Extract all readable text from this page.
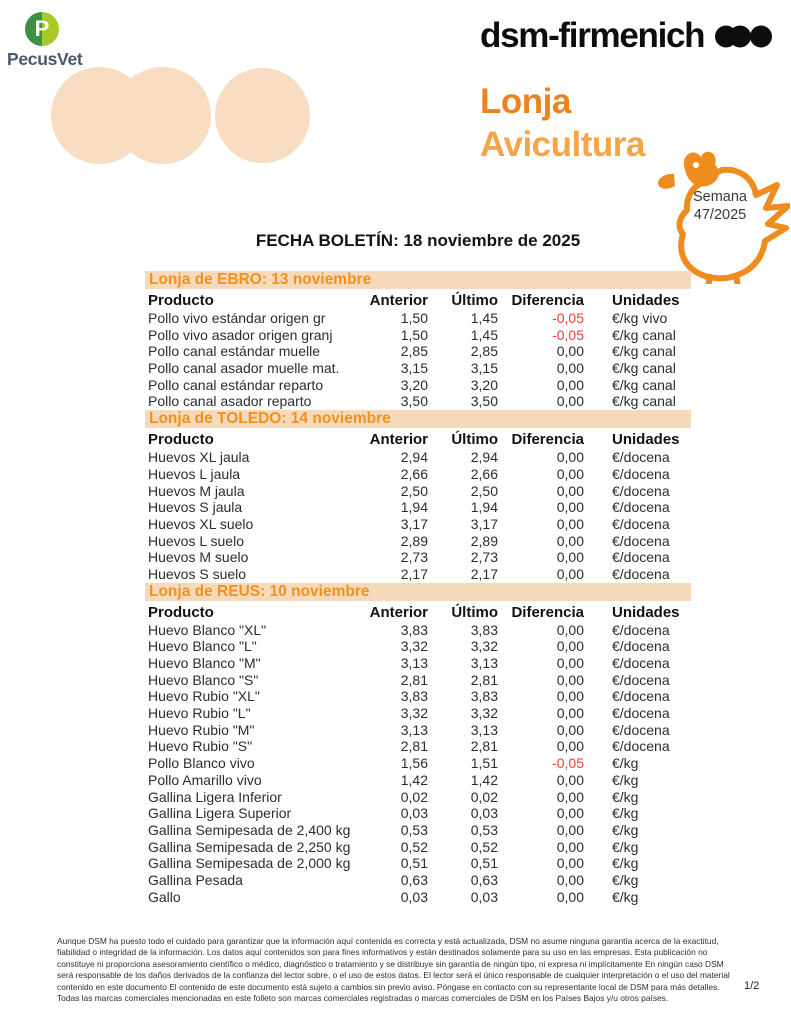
P
PecusVet
dsm-firmenich
Lonja
Avicultura
Semana
47/2025
FECHA BOLETÍN: 18 noviembre de 2025
Lonja de EBRO: 13 noviembre
Producto	Anterior	Último Diferencia Unidades
Pollo vivo estándar origen gr	1,50	1,45	-0,05 €/kg vivo
Pollo vivo asador origen granj	1,50	1,45	-0,05 €/kg canal
Pollo canal estándar muelle	2,85	2,85	0,00 €/kg canal
Pollo canal asador muelle mat.	3,15	3,15	0,00 €/kg canal
Pollo canal estándar reparto	3,20	3,20	0,00 €/kg canal
Pollo canal asador reparto	3,50	3,50	0,00 €/kg canal
Lonja de TOLEDO: 14 noviembre
Producto	Anterior	Último Diferencia Unidades
Huevos XL jaula	2,94	2,94	0,00 €/docena
Huevos L jaula	2,66	2,66	0,00 €/docena
Huevos M jaula	2,50	2,50	0,00 €/docena
Huevos S jaula	1,94	1,94	0,00 €/docena
Huevos XL suelo	3,17	3,17	0,00 €/docena
Huevos L suelo	2,89	2,89	0,00 €/docena
Huevos M suelo	2,73	2,73	0,00 €/docena
Huevos S suelo	2,17	2,17	0,00 €/docena
Lonja de REUS: 10 noviembre
Producto	Anterior	Último Diferencia Unidades
Huevo Blanco "XL"	3,83	3,83	0,00 €/docena
Huevo Blanco "L"	3,32	3,32	0,00 €/docena
Huevo Blanco "M"	3,13	3,13	0,00 €/docena
Huevo Blanco "S"	2,81	2,81	0,00 €/docena
Huevo Rubio "XL"	3,83	3,83	0,00 €/docena
Huevo Rubio "L"	3,32	3,32	0,00 €/docena
Huevo Rubio "M"	3,13	3,13	0,00 €/docena
Huevo Rubio "S"	2,81	2,81	0,00 €/docena
Pollo Blanco vivo	1,56	1,51	-0,05 €/kg
Pollo Amarillo vivo	1,42	1,42	0,00 €/kg
Gallina Ligera Inferior	0,02	0,02	0,00 €/kg
Gallina Ligera Superior	0,03	0,03	0,00 €/kg
Gallina Semipesada de 2,400 kg	0,53	0,53	0,00 €/kg
Gallina Semipesada de 2,250 kg	0,52	0,52	0,00 €/kg
Gallina Semipesada de 2,000 kg	0,51	0,51	0,00 €/kg
Gallina Pesada	0,63	0,63	0,00 €/kg
Gallo	0,03	0,03	0,00 €/kg
Aunque DSM ha puesto todo el cuidado para garantizar que la información aquí contenida es correcta y está actualizada, DSM no asume ninguna garantía acerca de la exactitud, fiabilidad o integridad de la información. Los datos aquí contenidos son para fines informativos y están destinados solamente para su uso en las empresas. Esta publicación no constituye ni proporciona asesoramiento científico o médico, diagnóstico o tratamiento y se distribuye sin garantía de ningún tipo, ni expresa ni implícitamente En ningún caso DSM será responsable de los daños derivados de la confianza del lector sobre, o el uso de estos datos. El lector será el único responsable de cualquier interpretación o el uso del material contenido en este documento El contenido de este documento está sujeto a cambios sin previo aviso. Póngase en contacto con su representante local de DSM para más detalles. Todas las marcas comerciales mencionadas en este folleto son marcas comerciales registradas o marcas comerciales de DSM en los Países Bajos y/u otros países.
1/2
